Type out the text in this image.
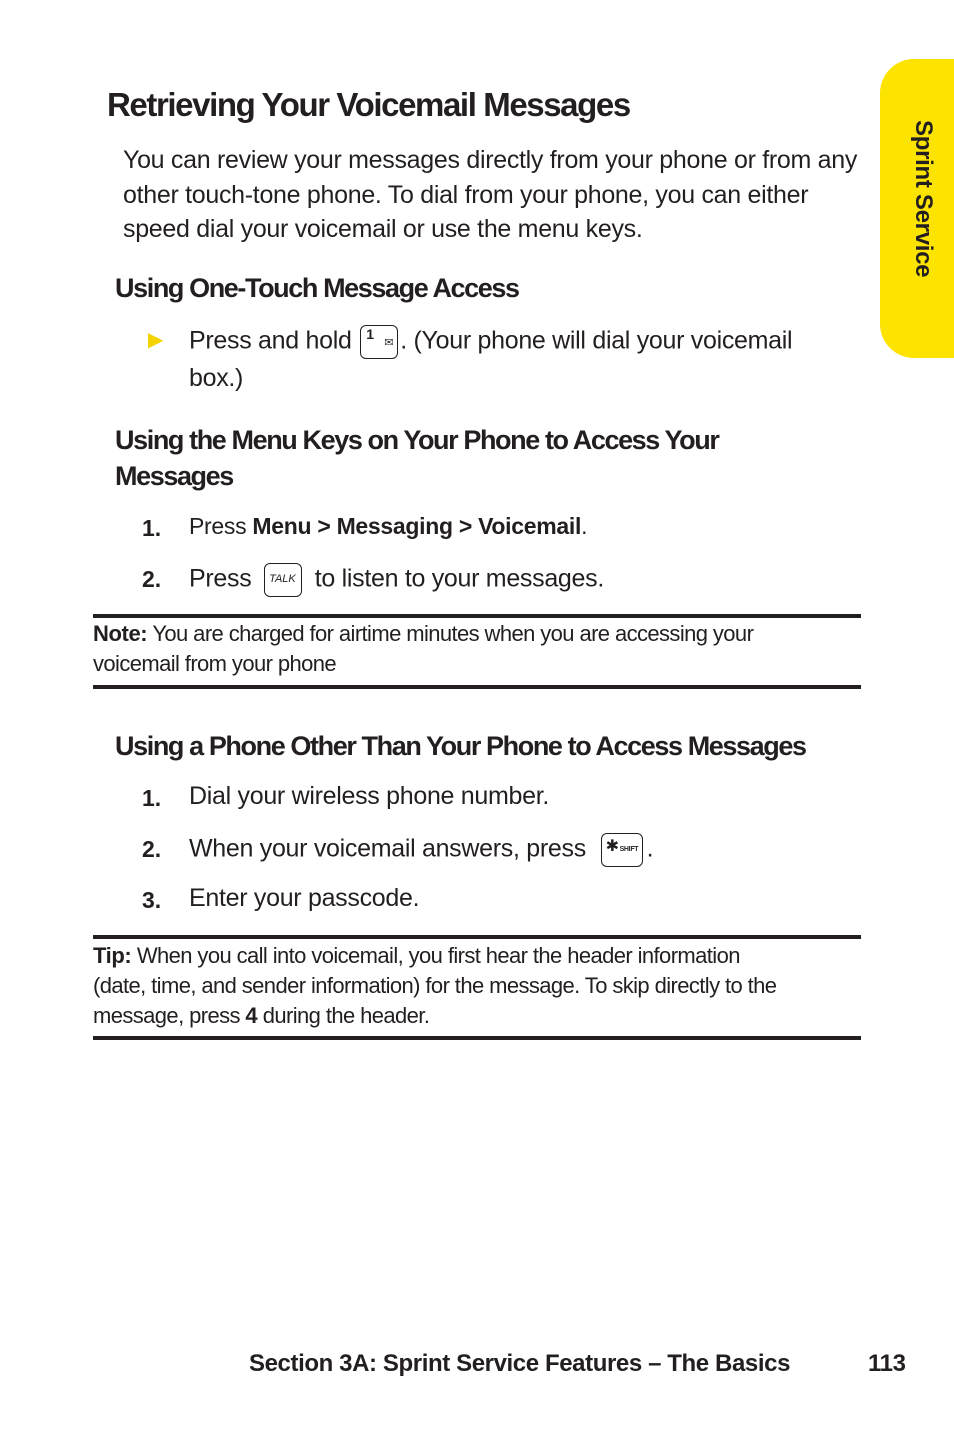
Sprint Service
Retrieving Your Voicemail Messages
You can review your messages directly from your phone or from any other touch-tone phone. To dial from your phone, you can either speed dial your voicemail or use the menu keys.
Using One-Touch Message Access
▶ Press and hold 1
✉ . (Your phone will dial your voicemail
box.)
Using the Menu Keys on Your Phone to Access Your
Messages
1. Press Menu > Messaging > Voicemail.
2. Press TALK to listen to your messages.
Note: You are charged for airtime minutes when you are accessing your
voicemail from your phone
Using a Phone Other Than Your Phone to Access Messages
1. Dial your wireless phone number.
2. When your voicemail answers, press ✱ SHIFT .
3. Enter your passcode.
Tip: When you call into voicemail, you first hear the header information
(date, time, and sender information) for the message. To skip directly to the
message, press 4 during the header.
Section 3A: Sprint Service Features – The Basics	113
